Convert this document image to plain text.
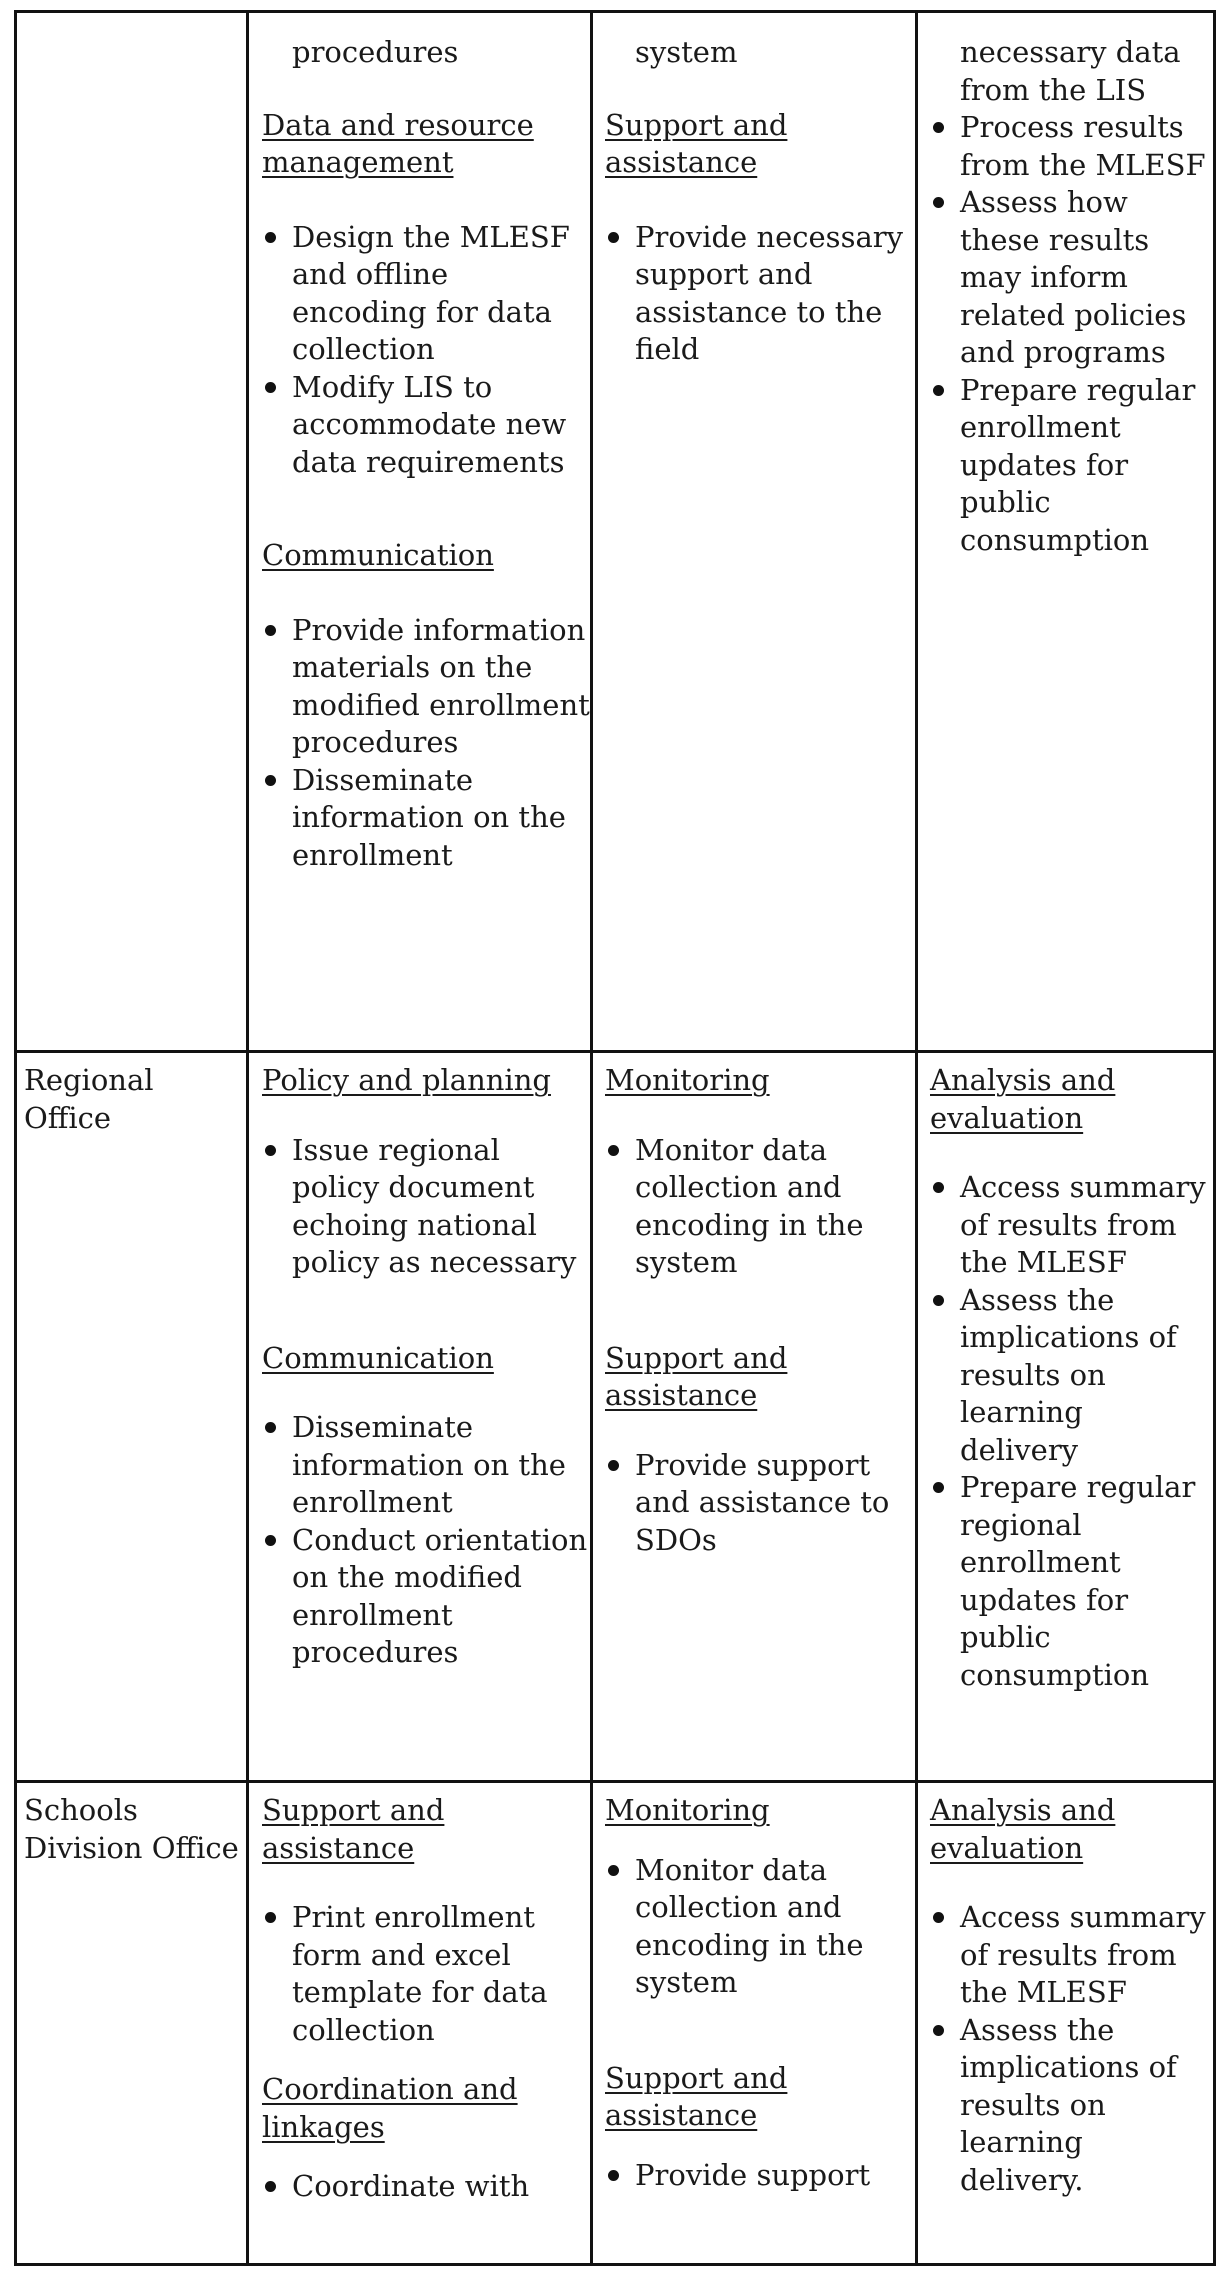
procedures

Data and resource management

Design the MLESF and offline encoding for data collection
Modify LIS to accommodate new data requirements

Communication

Provide information materials on the modified enrollment procedures
Disseminate information on the enrollment

system

Support and assistance

Provide necessary support and assistance to the field

necessary data from the LIS

Process results from the MLESF
Assess how these results may inform related policies and programs
Prepare regular enrollment updates for public consumption

Regional Office

Policy and planning

Issue regional policy document echoing national policy as necessary

Communication

Disseminate information on the enrollment
Conduct orientation on the modified enrollment procedures

Monitoring

Monitor data collection and encoding in the system

Support and assistance

Provide support and assistance to SDOs

Analysis and evaluation

Access summary of results from the MLESF
Assess the implications of results on learning delivery
Prepare regular regional enrollment updates for public consumption

Schools Division Office

Support and assistance

Print enrollment form and excel template for data collection

Coordination and linkages

Coordinate with

Monitoring

Monitor data collection and encoding in the system

Support and assistance

Provide support

Analysis and evaluation

Access summary of results from the MLESF
Assess the implications of results on learning delivery.
